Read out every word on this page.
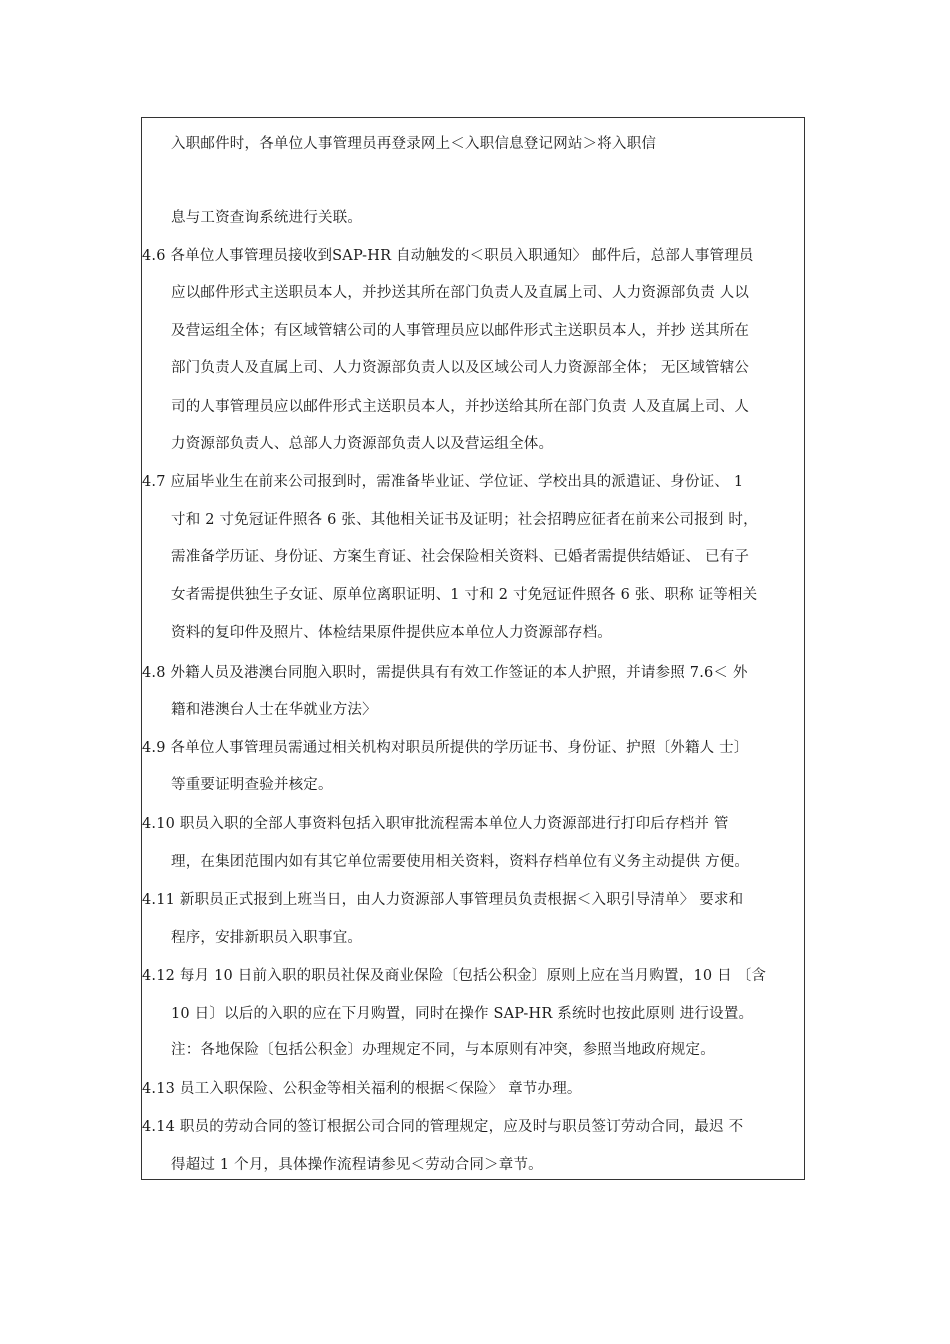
入职邮件时，各单位人事管理员再登录网上＜入职信息登记网站＞将入职信
息与工资查询系统进行关联。
4.6 各单位人事管理员接收到SAP-HR 自动触发的＜职员入职通知〉 邮件后，总部人事管理员
应以邮件形式主送职员本人，并抄送其所在部门负责人及直属上司、人力资源部负责 人以
及营运组全体；有区域管辖公司的人事管理员应以邮件形式主送职员本人，并抄 送其所在
部门负责人及直属上司、人力资源部负责人以及区域公司人力资源部全体； 无区域管辖公
司的人事管理员应以邮件形式主送职员本人，并抄送给其所在部门负责 人及直属上司、人
力资源部负责人、总部人力资源部负责人以及营运组全体。
4.7 应届毕业生在前来公司报到时，需准备毕业证、学位证、学校出具的派遣证、身份证、 1
寸和 2 寸免冠证件照各 6 张、其他相关证书及证明；社会招聘应征者在前来公司报到 时，
需准备学历证、身份证、方案生育证、社会保险相关资料、已婚者需提供结婚证、 已有子
女者需提供独生子女证、原单位离职证明、1 寸和 2 寸免冠证件照各 6 张、职称 证等相关
资料的复印件及照片、体检结果原件提供应本单位人力资源部存档。
4.8 外籍人员及港澳台同胞入职时，需提供具有有效工作签证的本人护照，并请参照 7.6＜ 外
籍和港澳台人士在华就业方法〉
4.9 各单位人事管理员需通过相关机构对职员所提供的学历证书、身份证、护照〔外籍人 士〕
等重要证明查验并核定。
4.10 职员入职的全部人事资料包括入职审批流程需本单位人力资源部进行打印后存档并 管
理，在集团范围内如有其它单位需要使用相关资料，资料存档单位有义务主动提供 方便。
4.11 新职员正式报到上班当日，由人力资源部人事管理员负责根据＜入职引导清单〉 要求和
程序，安排新职员入职事宜。
4.12 每月 10 日前入职的职员社保及商业保险〔包括公积金〕原则上应在当月购置，10 日 〔含
10 日〕以后的入职的应在下月购置，同时在操作 SAP-HR 系统时也按此原则 进行设置。
注：各地保险〔包括公积金〕办理规定不同，与本原则有冲突，参照当地政府规定。
4.13 员工入职保险、公积金等相关福利的根据＜保险〉 章节办理。
4.14 职员的劳动合同的签订根据公司合同的管理规定，应及时与职员签订劳动合同，最迟 不
得超过 1 个月，具体操作流程请参见＜劳动合同＞章节。
